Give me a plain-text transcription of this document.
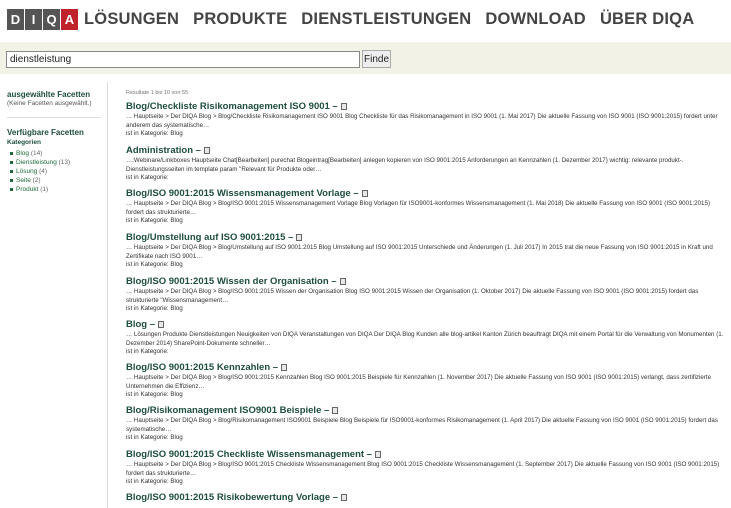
D I Q A LÖSUNGEN PRODUKTE DIENSTLEISTUNGEN DOWNLOAD ÜBER DIQA
dienstleistung
Finde
ausgewählte Facetten
(Keine Facetten ausgewählt.)
Verfügbare Facetten
Kategorien
Blog (14)
Dienstleistung (13)
Lösung (4)
Seite (2)
Produkt (1)
Resultate 1 bis 10 von 55
Blog/Checkliste Risikomanagement ISO 9001 –
… Hauptseite > Der DIQA Blog > Blog/Checkliste Risikomanagement ISO 9001 Blog Checkliste für das Risikomanagement in ISO 9001 (1. Mai 2017) Die aktuelle Fassung von ISO 9001 (ISO 9001:2015) fordert unter anderem das systematische…
ist in Kategorie: Blog
Administration –
…:Webinare/Linkboxes Hauptseite Chat[Bearbeiten] purechat Blogeintrag[Bearbeiten] anlegen kopieren von ISO 9001:2015 Anforderungen an Kennzahlen (1. Dezember 2017) wichtig: relevante produkt-. Dienstleistungsseiten im template param "Relevant für Produkte oder…
ist in Kategorie:
Blog/ISO 9001:2015 Wissensmanagement Vorlage –
… Hauptseite > Der DIQA Blog > Blog/ISO 9001:2015 Wissensmanagement Vorlage Blog Vorlagen für ISO9001-konformes Wissensmanagement (1. Mai 2018) Die aktuelle Fassung von ISO 9001 (ISO 9001:2015) fordert das strukturierte…
ist in Kategorie: Blog
Blog/Umstellung auf ISO 9001:2015 –
… Hauptseite > Der DIQA Blog > Blog/Umstellung auf ISO 9001:2015 Blog Umstellung auf ISO 9001:2015 Unterschiede und Änderungen (1. Juli 2017) In 2015 trat die neue Fassung von ISO 9001:2015 in Kraft und Zertifikate nach ISO 9001…
ist in Kategorie: Blog
Blog/ISO 9001:2015 Wissen der Organisation –
… Hauptseite > Der DIQA Blog > Blog/ISO 9001:2015 Wissen der Organisation Blog ISO 9001:2015 Wissen der Organisation (1. Oktober 2017) Die aktuelle Fassung von ISO 9001 (ISO 9001:2015) fordert das strukturierte "Wissensmanagement…
ist in Kategorie: Blog
Blog –
… Lösungen Produkte Dienstleistungen Neuigkeiten von DIQA Veranstaltungen von DIQA Der DIQA Blog Kunden alle blog-artikel Kanton Zürich beauftragt DIQA mit einem Portal für die Verwaltung von Monumenten (1. Dezember 2014) SharePoint-Dokumente schneller…
ist in Kategorie:
Blog/ISO 9001:2015 Kennzahlen –
… Hauptseite > Der DIQA Blog > Blog/ISO 9001:2015 Kennzahlen Blog ISO 9001:2015 Beispiele für Kennzahlen (1. November 2017) Die aktuelle Fassung von ISO 9001 (ISO 9001:2015) verlangt, dass zertifizierte Unternehmen die Effizienz…
ist in Kategorie: Blog
Blog/Risikomanagement ISO9001 Beispiele –
… Hauptseite > Der DIQA Blog > Blog/Risikomanagement ISO9001 Beispiele Blog Beispiele für ISO9001-konformes Risikomanagement (1. April 2017) Die aktuelle Fassung von ISO 9001 (ISO 9001:2015) fordert das systematische…
ist in Kategorie: Blog
Blog/ISO 9001:2015 Checkliste Wissensmanagement –
… Hauptseite > Der DIQA Blog > Blog/ISO 9001:2015 Checkliste Wissensmanagement Blog ISO 9001:2015 Checkliste Wissensmanagement (1. September 2017) Die aktuelle Fassung von ISO 9001 (ISO 9001:2015) fordert das strukturierte…
ist in Kategorie: Blog
Blog/ISO 9001:2015 Risikobewertung Vorlage –
